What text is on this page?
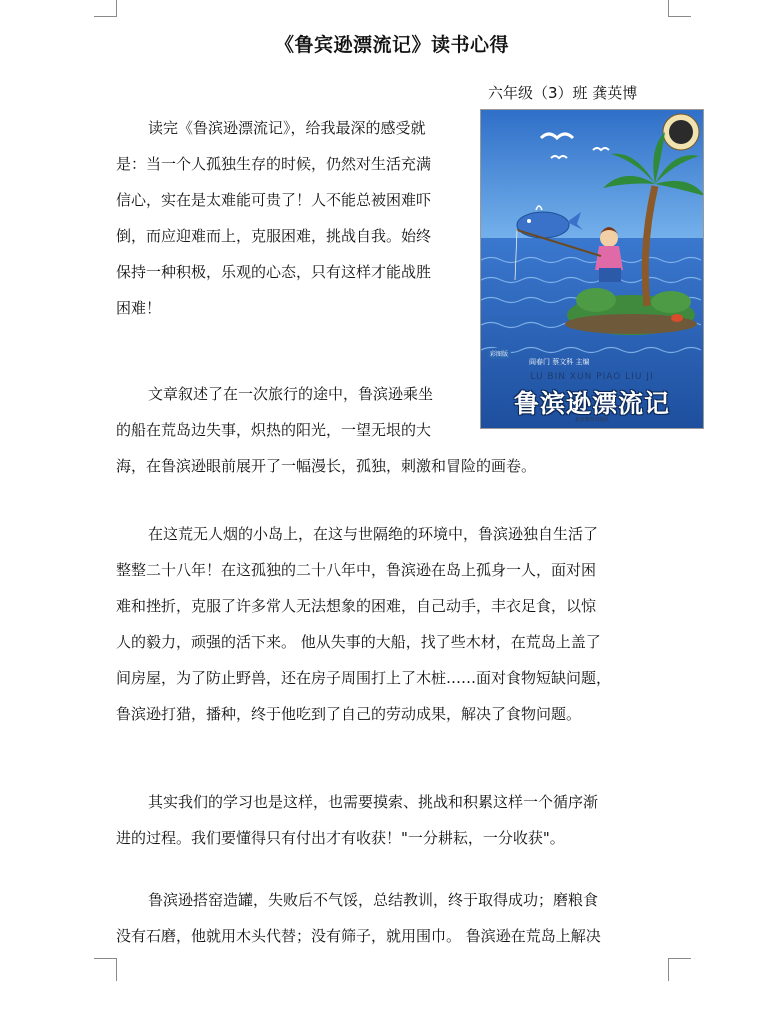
《鲁宾逊漂流记》读书心得
六年级（3）班 龚英博

读完《鲁滨逊漂流记》，给我最深的感受就
是：当一个人孤独生存的时候，仍然对生活充满
信心，实在是太难能可贵了！人不能总被困难吓
倒，而应迎难而上，克服困难，挑战自我。始终
保持一种积极，乐观的心态，只有这样才能战胜
困难！

文章叙述了在一次旅行的途中，鲁滨逊乘坐
的船在荒岛边失事，炽热的阳光，一望无垠的大
海，在鲁滨逊眼前展开了一幅漫长，孤独，刺激和冒险的画卷。

在这荒无人烟的小岛上，在这与世隔绝的环境中，鲁滨逊独自生活了
整整二十八年！在这孤独的二十八年中，鲁滨逊在岛上孤身一人，面对困
难和挫折，克服了许多常人无法想象的困难，自己动手，丰衣足食，以惊
人的毅力，顽强的活下来。 他从失事的大船，找了些木材，在荒岛上盖了
间房屋，为了防止野兽，还在房子周围打上了木桩……面对食物短缺问题，
鲁滨逊打猎，播种，终于他吃到了自己的劳动成果，解决了食物问题。

其实我们的学习也是这样，也需要摸索、挑战和积累这样一个循序渐
进的过程。我们要懂得只有付出才有收获！"一分耕耘，一分收获"。

鲁滨逊搭窑造罐，失败后不气馁，总结教训，终于取得成功；磨粮食
没有石磨，他就用木头代替；没有筛子，就用围巾。 鲁滨逊在荒岛上解决

彩图版
阎春门 蔡文科 主编
LU BIN XUN PIAO LIU JI
鲁滨逊漂流记
北京教育出版社
